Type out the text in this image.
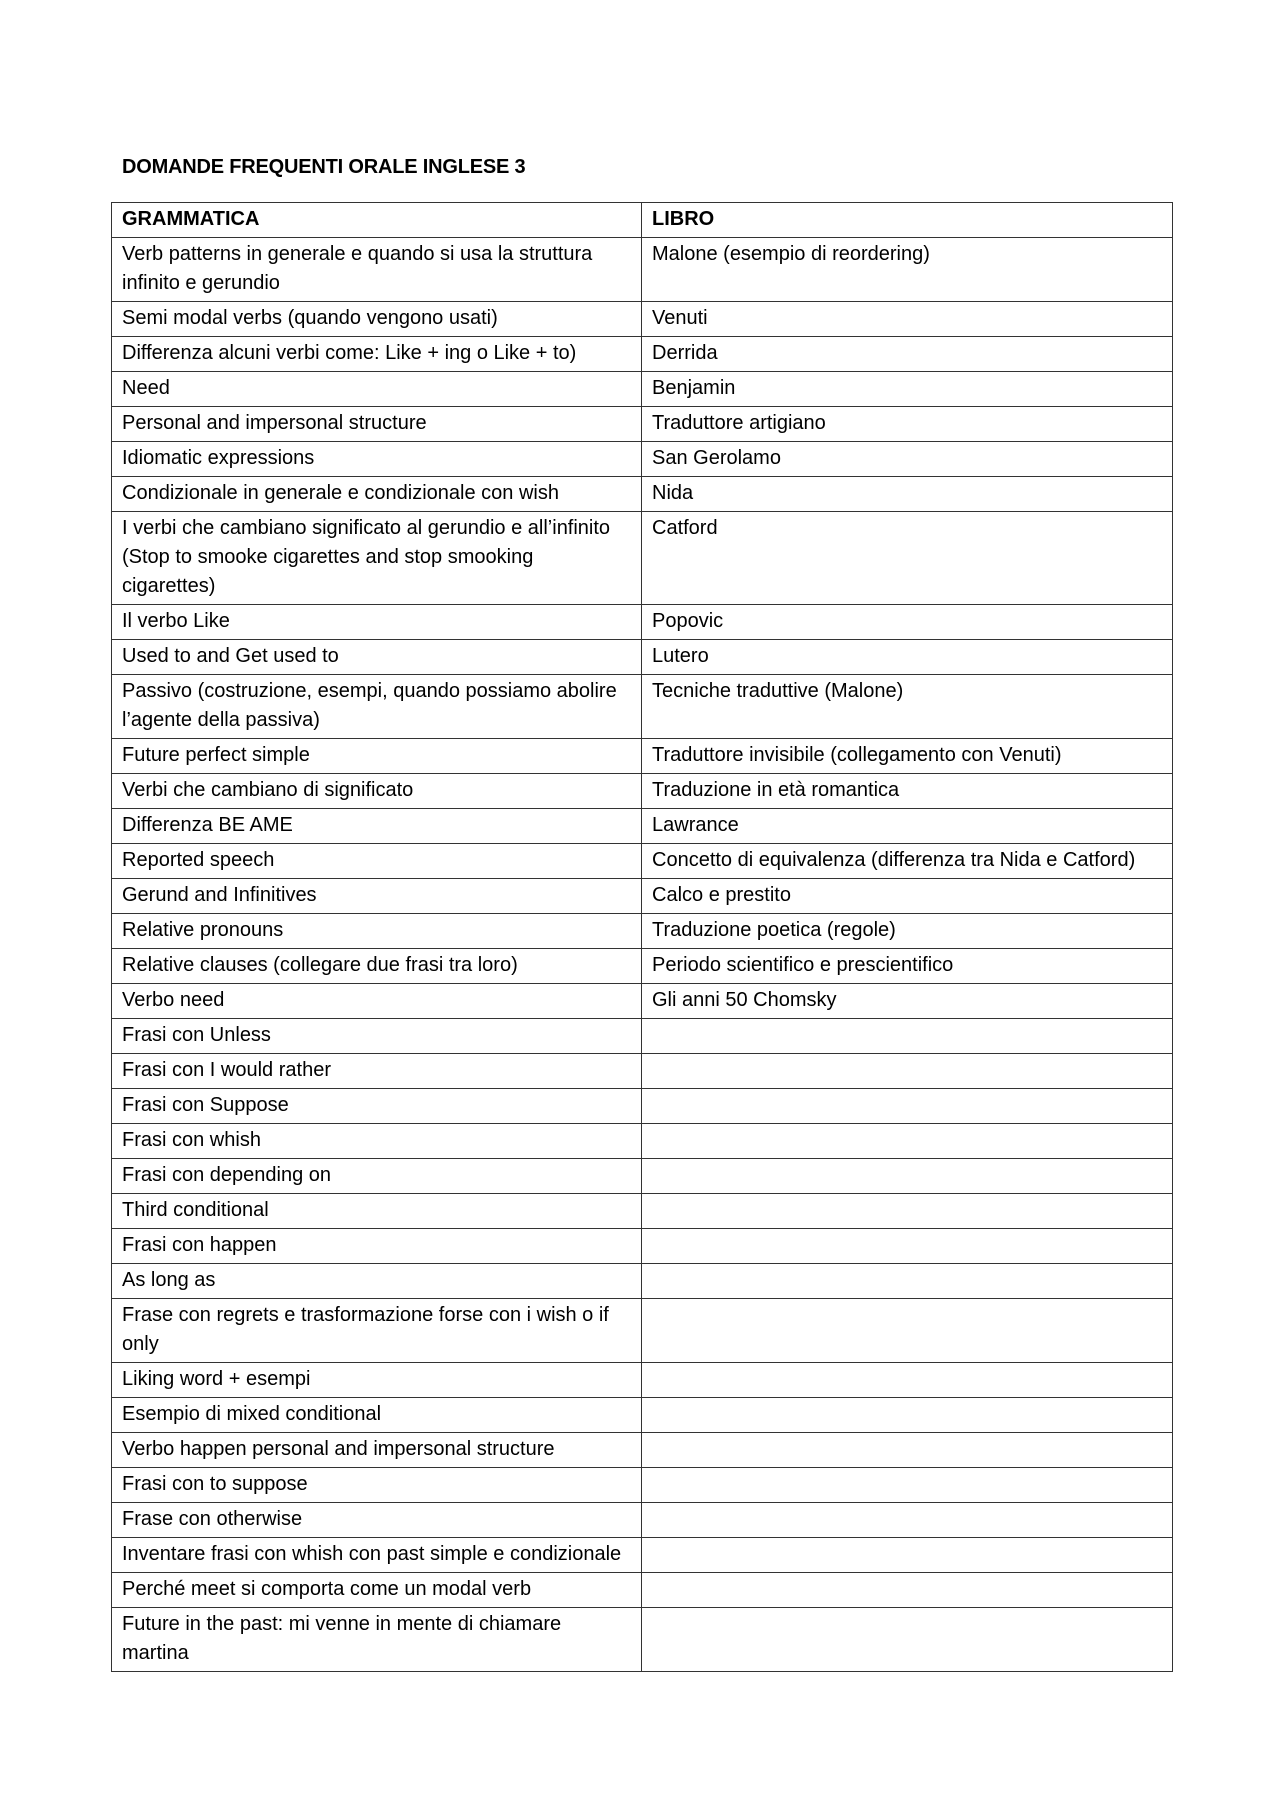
DOMANDE FREQUENTI ORALE INGLESE 3
GRAMMATICA	LIBRO
Verb patterns in generale e quando si usa la struttura infinito e gerundio	Malone (esempio di reordering)
Semi modal verbs (quando vengono usati)	Venuti
Differenza alcuni verbi come: Like + ing o Like + to)	Derrida
Need	Benjamin
Personal and impersonal structure	Traduttore artigiano
Idiomatic expressions	San Gerolamo
Condizionale in generale e condizionale con wish	Nida
I verbi che cambiano significato al gerundio e all’infinito (Stop to smooke cigarettes and stop smooking cigarettes)	Catford
Il verbo Like	Popovic
Used to and Get used to	Lutero
Passivo (costruzione, esempi, quando possiamo abolire l’agente della passiva)	Tecniche traduttive (Malone)
Future perfect simple	Traduttore invisibile (collegamento con Venuti)
Verbi che cambiano di significato	Traduzione in età romantica
Differenza BE AME	Lawrance
Reported speech	Concetto di equivalenza (differenza tra Nida e Catford)
Gerund and Infinitives	Calco e prestito
Relative pronouns	Traduzione poetica (regole)
Relative clauses (collegare due frasi tra loro)	Periodo scientifico e prescientifico
Verbo need	Gli anni 50 Chomsky
Frasi con Unless	
Frasi con I would rather	
Frasi con Suppose	
Frasi con whish	
Frasi con depending on	
Third conditional	
Frasi con happen	
As long as	
Frase con regrets e trasformazione forse con i wish o if only	
Liking word + esempi	
Esempio di mixed conditional	
Verbo happen personal and impersonal structure	
Frasi con to suppose	
Frase con otherwise	
Inventare frasi con whish con past simple e condizionale	
Perché meet si comporta come un modal verb	
Future in the past: mi venne in mente di chiamare martina	
